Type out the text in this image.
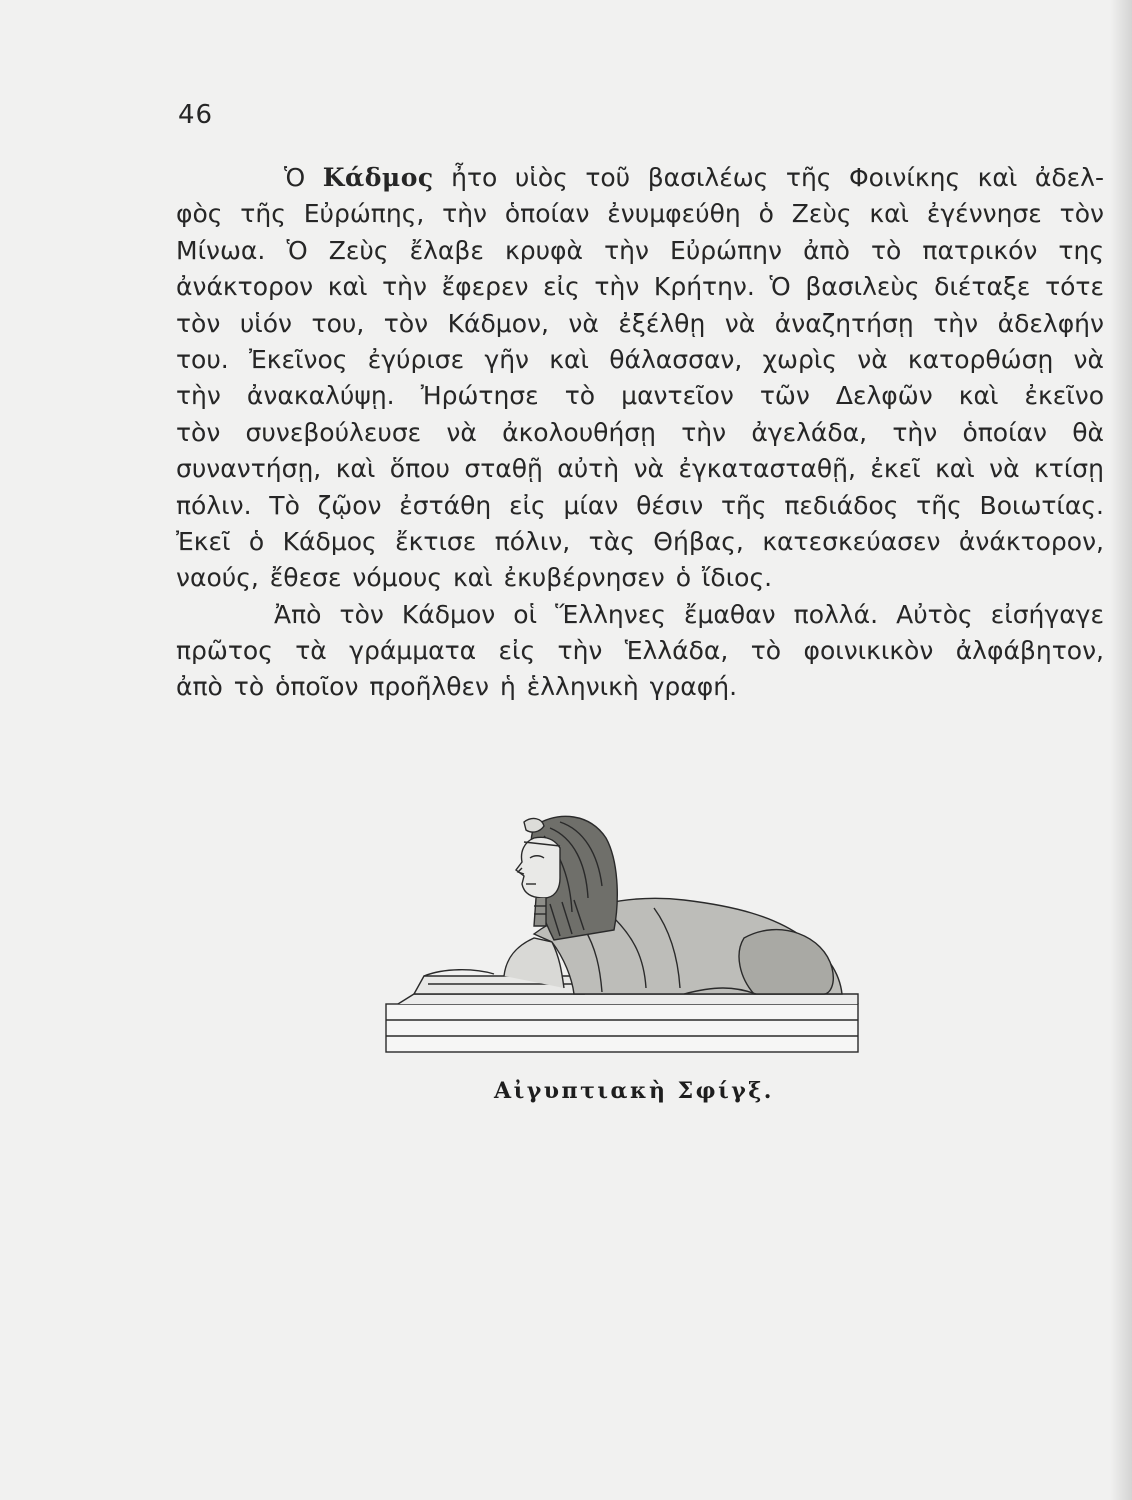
46
Ὁ Κάδμος ἦτο υἱὸς τοῦ βασιλέως τῆς Φοινίκης καὶ ἀδελ-
φὸς τῆς Εὐρώπης, τὴν ὁποίαν ἐνυμφεύθη ὁ Ζεὺς καὶ ἐγέννησε τὸν
Μίνωα. Ὁ Ζεὺς ἔλαβε κρυφὰ τὴν Εὐρώπην ἀπὸ τὸ πατρικόν της
ἀνάκτορον καὶ τὴν ἔφερεν εἰς τὴν Κρήτην. Ὁ βασιλεὺς διέταξε τότε
τὸν υἱόν του, τὸν Κάδμον, νὰ ἐξέλθῃ νὰ ἀναζητήσῃ τὴν ἀδελφήν
του. Ἐκεῖνος ἐγύρισε γῆν καὶ θάλασσαν, χωρὶς νὰ κατορθώσῃ νὰ
τὴν ἀνακαλύψῃ. Ἠρώτησε τὸ μαντεῖον τῶν Δελφῶν καὶ ἐκεῖνο
τὸν συνεβούλευσε νὰ ἀκολουθήσῃ τὴν ἀγελάδα, τὴν ὁποίαν θὰ
συναντήσῃ, καὶ ὅπου σταθῇ αὐτὴ νὰ ἐγκατασταθῇ, ἐκεῖ καὶ νὰ κτίσῃ
πόλιν. Τὸ ζῷον ἐστάθη εἰς μίαν θέσιν τῆς πεδιάδος τῆς Βοιωτίας.
Ἐκεῖ ὁ Κάδμος ἔκτισε πόλιν, τὰς Θήβας, κατεσκεύασεν ἀνάκτορον,
ναούς, ἔθεσε νόμους καὶ ἐκυβέρνησεν ὁ ἴδιος.
Ἀπὸ τὸν Κάδμον οἱ Ἕλληνες ἔμαθαν πολλά. Αὐτὸς εἰσήγαγε
πρῶτος τὰ γράμματα εἰς τὴν Ἑλλάδα, τὸ φοινικικὸν ἀλφάβητον,
ἀπὸ τὸ ὁποῖον προῆλθεν ἡ ἑλληνικὴ γραφή.
Αἰγυπτιακὴ Σφίγξ.
